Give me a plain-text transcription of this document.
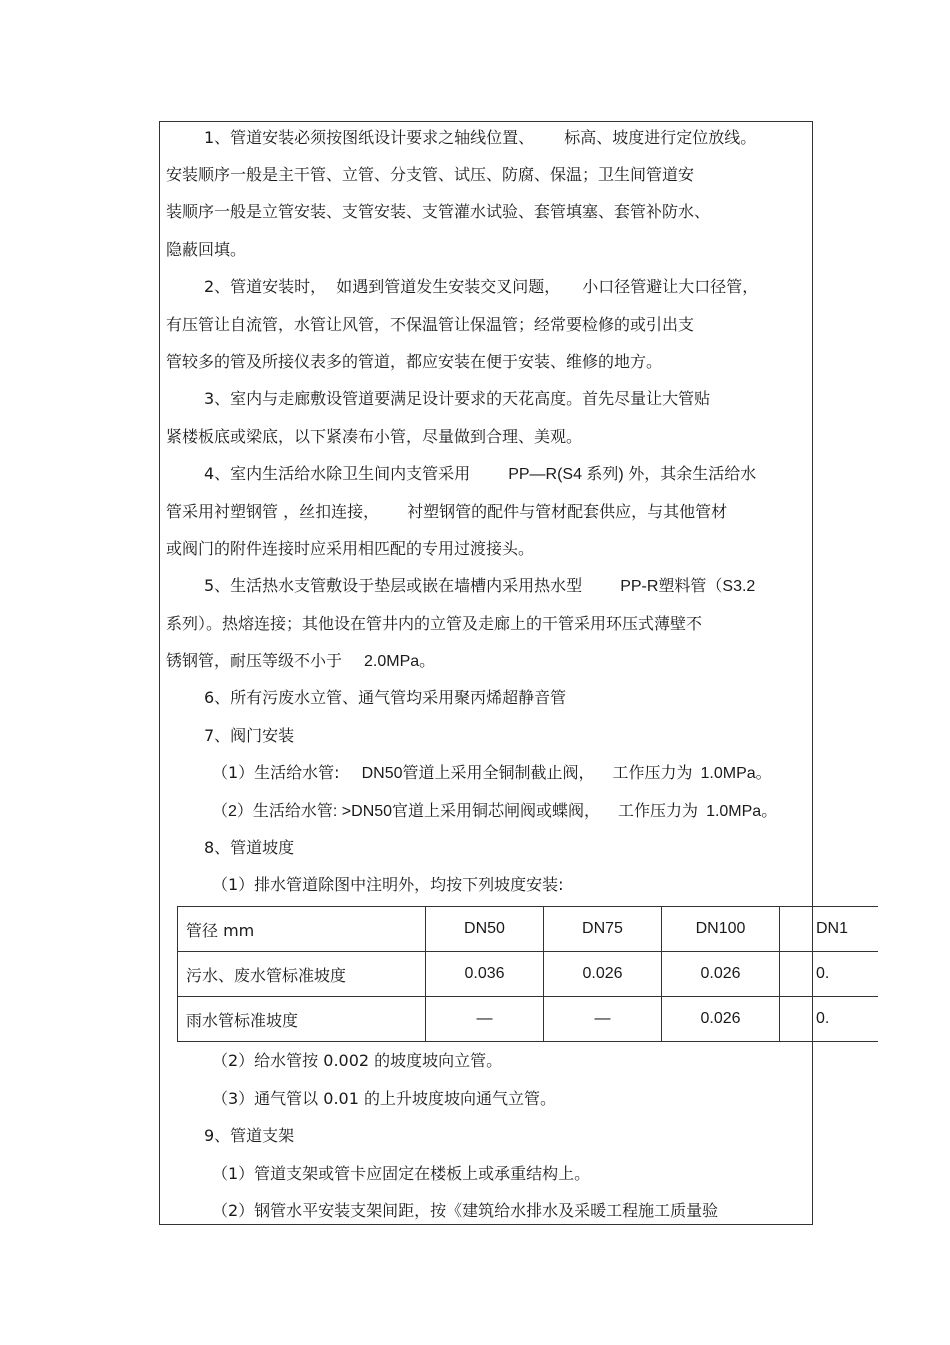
1、管道安装必须按图纸设计要求之轴线位置、 标高、坡度进行定位放线。
安装顺序一般是主干管、立管、分支管、试压、防腐、保温；卫生间管道安
装顺序一般是立管安装、支管安装、支管灌水试验、套管填塞、套管补防水、
隐蔽回填。
2、管道安装时， 如遇到管道发生安装交叉问题， 小口径管避让大口径管，
有压管让自流管，水管让风管，不保温管让保温管；经常要检修的或引出支
管较多的管及所接仪表多的管道，都应安装在便于安装、维修的地方。
3、室内与走廊敷设管道要满足设计要求的天花高度。首先尽量让大管贴
紧楼板底或梁底，以下紧凑布小管，尽量做到合理、美观。
4、室内生活给水除卫生间内支管采用 PP—R(S4 系列) 外，其余生活给水
管采用衬塑钢管 ，丝扣连接， 衬塑钢管的配件与管材配套供应，与其他管材
或阀门的附件连接时应采用相匹配的专用过渡接头。
5、生活热水支管敷设于垫层或嵌在墙槽内采用热水型 PP-R塑料管（S3.2
系列）。热熔连接；其他设在管井内的立管及走廊上的干管采用环压式薄壁不
锈钢管，耐压等级不小于 2.0MPa。
6、所有污废水立管、通气管均采用聚丙烯超静音管
7、阀门安装
（1）生活给水管: DN50管道上采用全铜制截止阀， 工作压力为 1.0MPa。
（2）生活给水管: >DN50官道上采用铜芯闸阀或蝶阀， 工作压力为 1.0MPa。
8、管道坡度
（1）排水管道除图中注明外，均按下列坡度安装:
管径 mm	DN50	DN75	DN100	DN1
污水、废水管标准坡度	0.036	0.026	0.026	0.
雨水管标准坡度	—	—	0.026	0.
（2）给水管按 0.002 的坡度坡向立管。
（3）通气管以 0.01 的上升坡度坡向通气立管。
9、管道支架
（1）管道支架或管卡应固定在楼板上或承重结构上。
（2）钢管水平安装支架间距，按《建筑给水排水及采暖工程施工质量验
